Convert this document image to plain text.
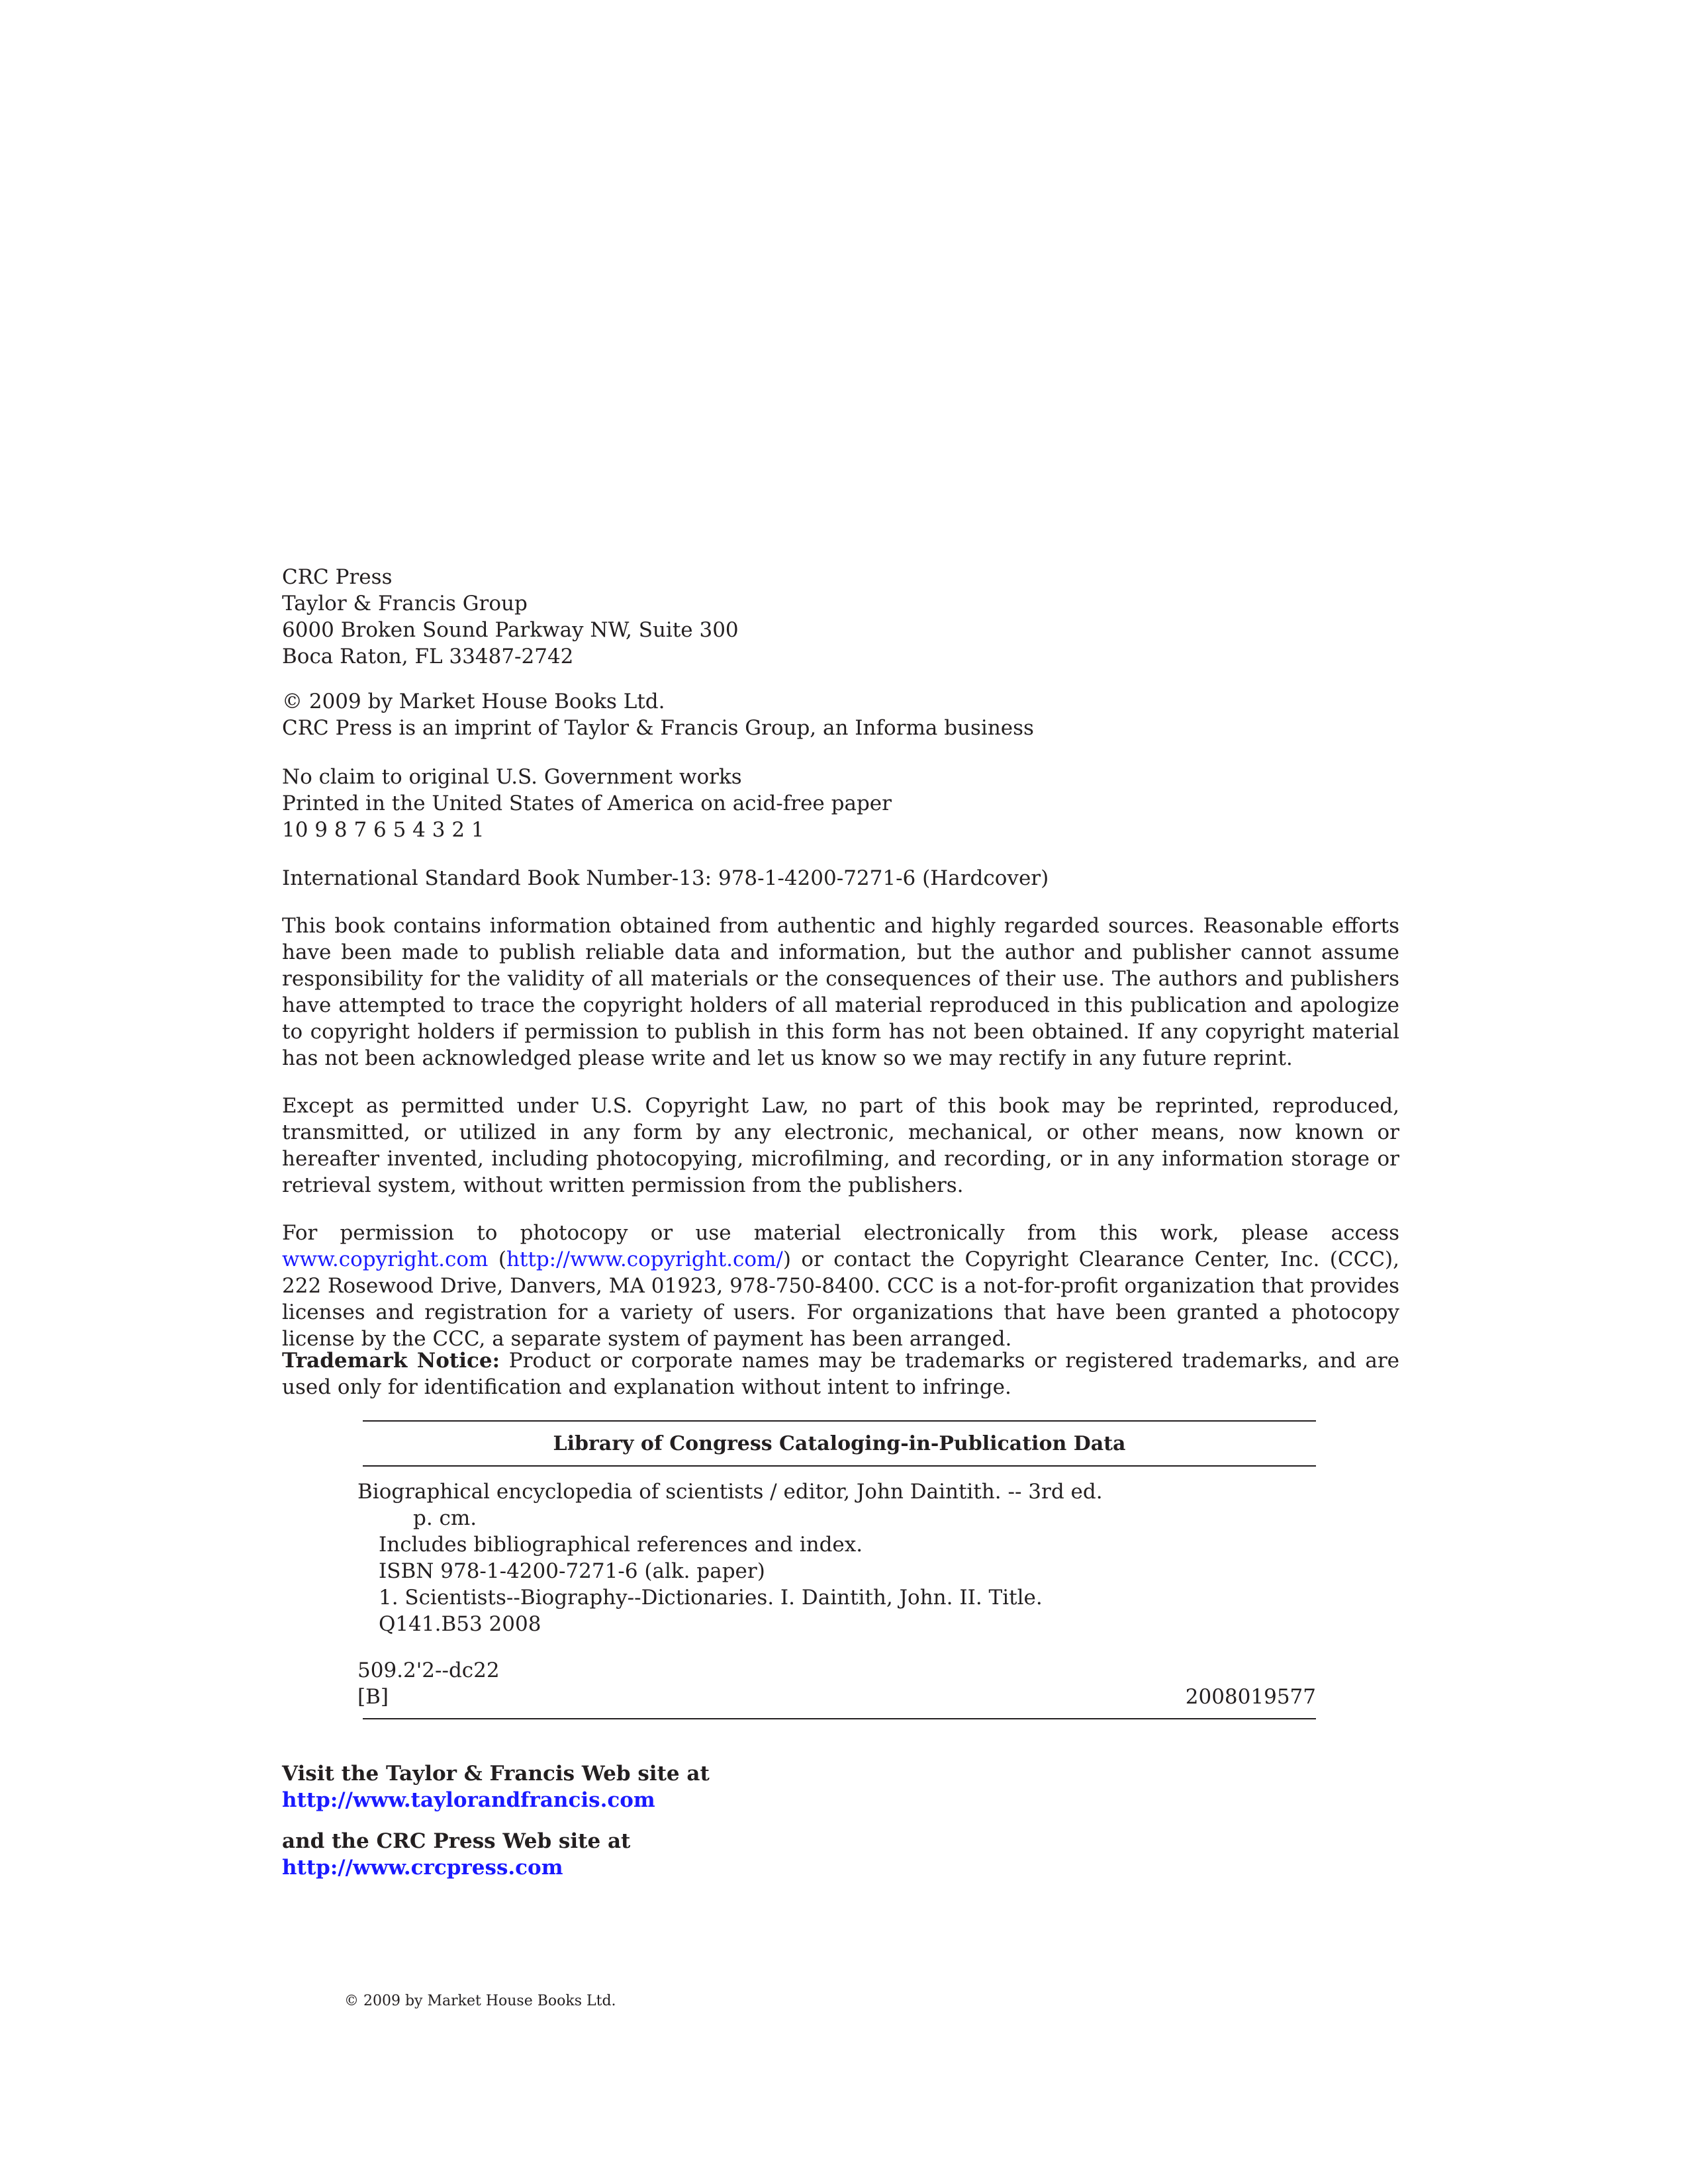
CRC Press
Taylor & Francis Group
6000 Broken Sound Parkway NW, Suite 300
Boca Raton, FL 33487-2742
© 2009 by Market House Books Ltd.
CRC Press is an imprint of Taylor & Francis Group, an Informa business
No claim to original U.S. Government works
Printed in the United States of America on acid-free paper
10 9 8 7 6 5 4 3 2 1
International Standard Book Number-13: 978-1-4200-7271-6 (Hardcover)
This book contains information obtained from authentic and highly regarded sources. Reasonable efforts have been made to publish reliable data and information, but the author and publisher cannot assume responsibility for the validity of all materials or the consequences of their use. The authors and publishers have attempted to trace the copyright holders of all material reproduced in this publication and apologize to copyright holders if permission to publish in this form has not been obtained. If any copyright material has not been acknowledged please write and let us know so we may rectify in any future reprint.
Except as permitted under U.S. Copyright Law, no part of this book may be reprinted, reproduced, transmitted, or utilized in any form by any electronic, mechanical, or other means, now known or hereafter invented, including photocopying, microfilming, and recording, or in any information storage or retrieval system, without written permission from the publishers.
For permission to photocopy or use material electronically from this work, please access www.copyright.com (http://www.copyright.com/) or contact the Copyright Clearance Center, Inc. (CCC), 222 Rosewood Drive, Danvers, MA 01923, 978-750-8400. CCC is a not-for-profit organization that provides licenses and registration for a variety of users. For organizations that have been granted a photocopy license by the CCC, a separate system of payment has been arranged.
Trademark Notice: Product or corporate names may be trademarks or registered trademarks, and are used only for identification and explanation without intent to infringe.
Library of Congress Cataloging-in-Publication Data
Biographical encyclopedia of scientists / editor, John Daintith. -- 3rd ed.
p. cm.
Includes bibliographical references and index.
ISBN 978-1-4200-7271-6 (alk. paper)
1. Scientists--Biography--Dictionaries. I. Daintith, John. II. Title.
Q141.B53 2008
509.2'2--dc22
[B]	2008019577
Visit the Taylor & Francis Web site at
http://www.taylorandfrancis.com
and the CRC Press Web site at
http://www.crcpress.com
© 2009 by Market House Books Ltd.
